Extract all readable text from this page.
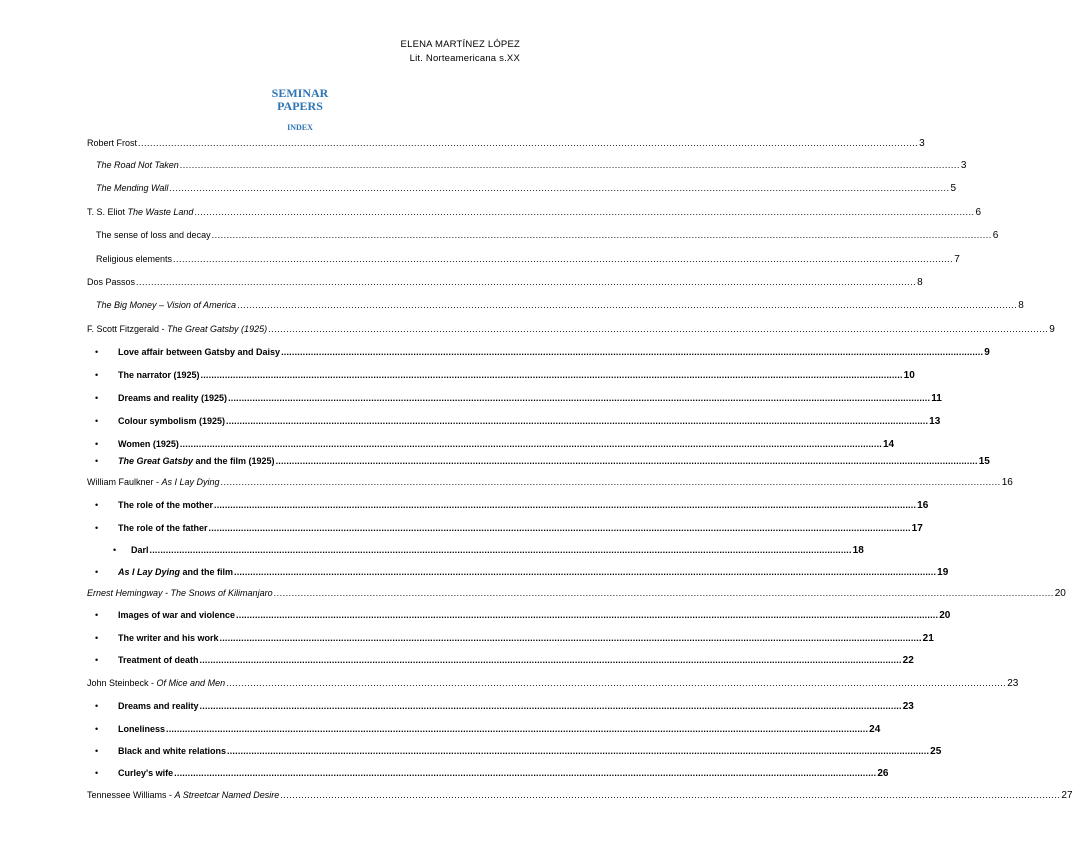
ELENA MARTÍNEZ LÓPEZ
Lit. Norteamericana s.XX
SEMINAR
PAPERS
INDEX
Robert Frost .................................................................................................................................................................................................................................................................... 3
The Road Not Taken .................................................................................................................................................................................................................................................................... 3
The Mending Wall .................................................................................................................................................................................................................................................................... 5
T. S. Eliot The Waste Land .................................................................................................................................................................................................................................................................... 6
The sense of loss and decay .................................................................................................................................................................................................................................................................... 6
Religious elements .................................................................................................................................................................................................................................................................... 7
Dos Passos .................................................................................................................................................................................................................................................................... 8
The Big Money – Vision of America .................................................................................................................................................................................................................................................................... 8
F. Scott Fitzgerald - The Great Gatsby (1925) .................................................................................................................................................................................................................................................................... 9
• Love affair between Gatsby and Daisy .................................................................................................................................................................................................................................................................... 9
• The narrator (1925) .................................................................................................................................................................................................................................................................... 10
• Dreams and reality (1925) .................................................................................................................................................................................................................................................................... 11
• Colour symbolism (1925) .................................................................................................................................................................................................................................................................... 13
• Women (1925) .................................................................................................................................................................................................................................................................... 14
• The Great Gatsby and the film (1925) .................................................................................................................................................................................................................................................................... 15
William Faulkner - As I Lay Dying .................................................................................................................................................................................................................................................................... 16
• The role of the mother .................................................................................................................................................................................................................................................................... 16
• The role of the father .................................................................................................................................................................................................................................................................... 17
• Darl .................................................................................................................................................................................................................................................................... 18
• As I Lay Dying and the film .................................................................................................................................................................................................................................................................... 19
Ernest Hemingway - The Snows of Kilimanjaro .................................................................................................................................................................................................................................................................... 20
• Images of war and violence .................................................................................................................................................................................................................................................................... 20
• The writer and his work .................................................................................................................................................................................................................................................................... 21
• Treatment of death .................................................................................................................................................................................................................................................................... 22
John Steinbeck - Of Mice and Men .................................................................................................................................................................................................................................................................... 23
• Dreams and reality .................................................................................................................................................................................................................................................................... 23
• Loneliness .................................................................................................................................................................................................................................................................... 24
• Black and white relations .................................................................................................................................................................................................................................................................... 25
• Curley's wife .................................................................................................................................................................................................................................................................... 26
Tennessee Williams - A Streetcar Named Desire .................................................................................................................................................................................................................................................................... 27
